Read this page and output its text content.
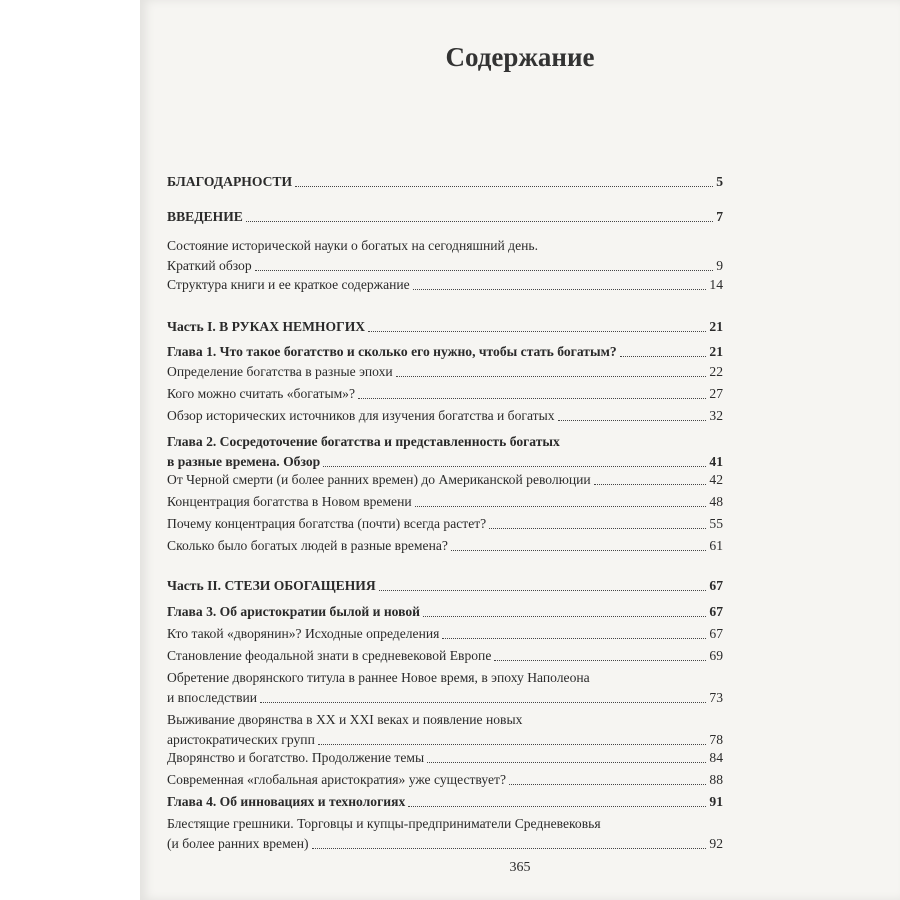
Содержание
БЛАГОДАРНОСТИ	5
ВВЕДЕНИЕ	7
Состояние исторической науки о богатых на сегодняшний день.
Краткий обзор	9
Структура книги и ее краткое содержание	14
Часть I. В РУКАХ НЕМНОГИХ	21
Глава 1. Что такое богатство и сколько его нужно, чтобы стать богатым?	21
Определение богатства в разные эпохи	22
Кого можно считать «богатым»?	27
Обзор исторических источников для изучения богатства и богатых	32
Глава 2. Сосредоточение богатства и представленность богатых
в разные времена. Обзор	41
От Черной смерти (и более ранних времен) до Американской революции	42
Концентрация богатства в Новом времени	48
Почему концентрация богатства (почти) всегда растет?	55
Сколько было богатых людей в разные времена?	61
Часть II. СТЕЗИ ОБОГАЩЕНИЯ	67
Глава 3. Об аристократии былой и новой	67
Кто такой «дворянин»? Исходные определения	67
Становление феодальной знати в средневековой Европе	69
Обретение дворянского титула в раннее Новое время, в эпоху Наполеона
и впоследствии	73
Выживание дворянства в XX и XXI веках и появление новых
аристократических групп	78
Дворянство и богатство. Продолжение темы	84
Современная «глобальная аристократия» уже существует?	88
Глава 4. Об инновациях и технологиях	91
Блестящие грешники. Торговцы и купцы-предприниматели Средневековья
(и более ранних времен)	92
365
